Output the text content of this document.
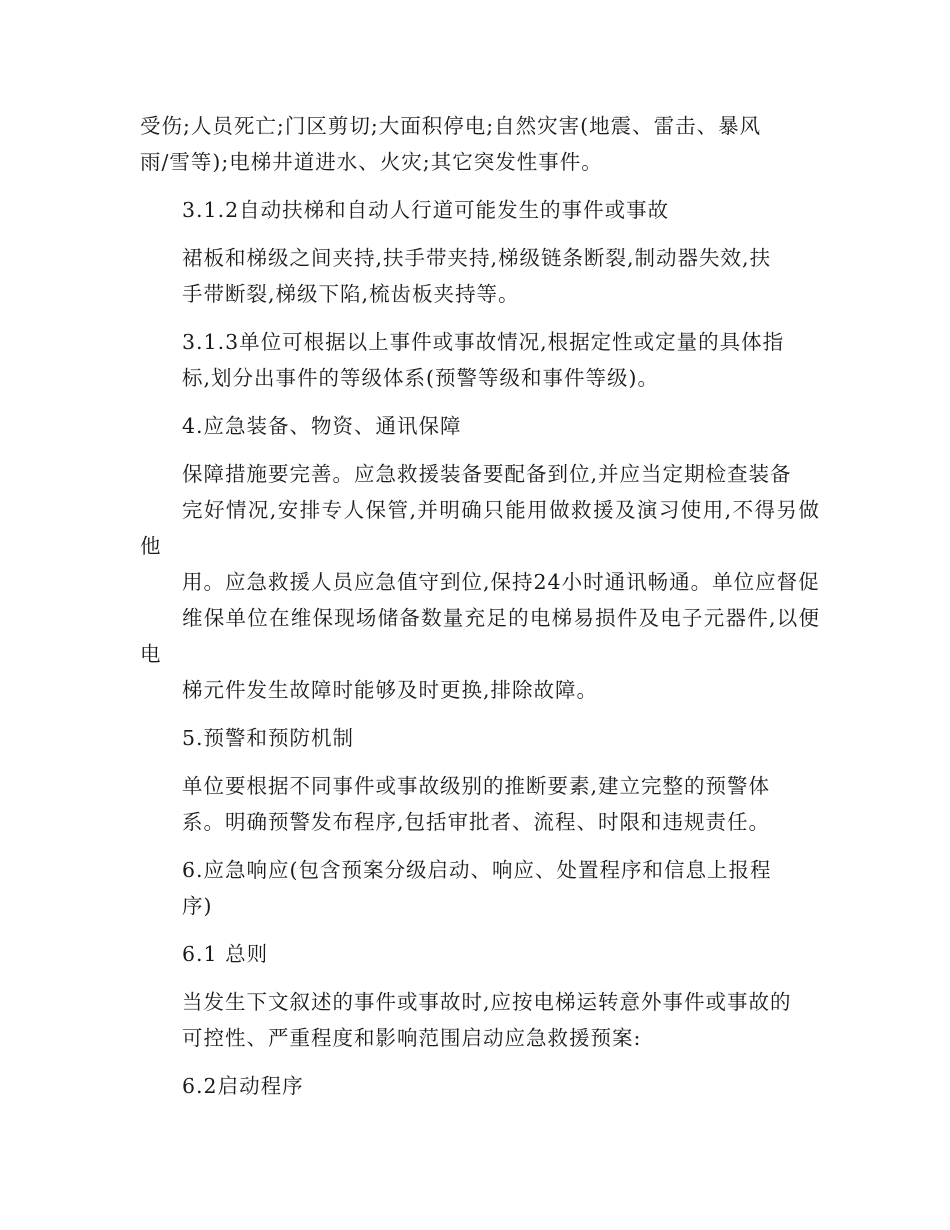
受伤;人员死亡;门区剪切;大面积停电;自然灾害(地震、雷击、暴风
雨/雪等);电梯井道进水、火灾;其它突发性事件。

3.1.2自动扶梯和自动人行道可能发生的事件或事故

裙板和梯级之间夹持,扶手带夹持,梯级链条断裂,制动器失效,扶
手带断裂,梯级下陷,梳齿板夹持等。

3.1.3单位可根据以上事件或事故情况,根据定性或定量的具体指
标,划分出事件的等级体系(预警等级和事件等级)。

4.应急装备、物资、通讯保障

保障措施要完善。应急救援装备要配备到位,并应当定期检查装备
完好情况,安排专人保管,并明确只能用做救援及演习使用,不得另做他
用。应急救援人员应急值守到位,保持24小时通讯畅通。单位应督促
维保单位在维保现场储备数量充足的电梯易损件及电子元器件,以便电
梯元件发生故障时能够及时更换,排除故障。

5.预警和预防机制

单位要根据不同事件或事故级别的推断要素,建立完整的预警体
系。明确预警发布程序,包括审批者、流程、时限和违规责任。

6.应急响应(包含预案分级启动、响应、处置程序和信息上报程
序)

6.1 总则

当发生下文叙述的事件或事故时,应按电梯运转意外事件或事故的
可控性、严重程度和影响范围启动应急救援预案:

6.2启动程序
